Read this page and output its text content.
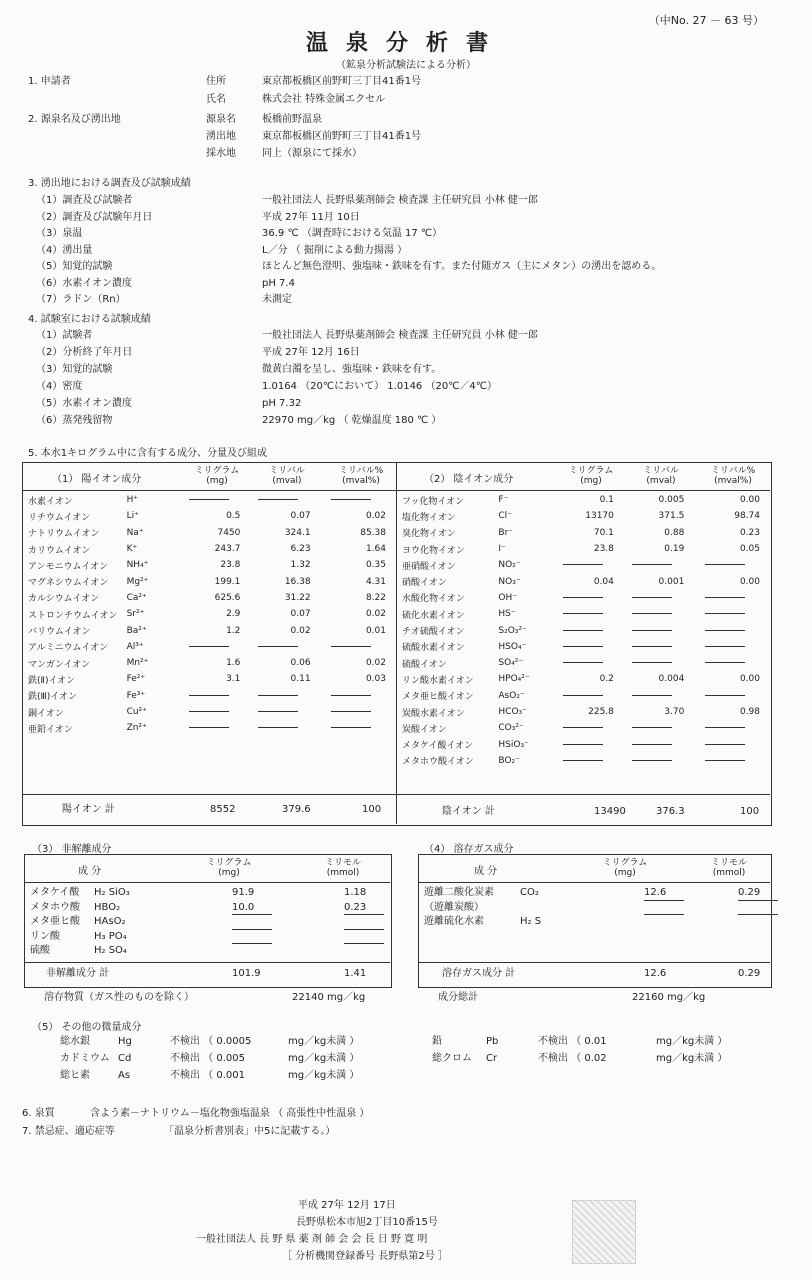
（中No. 27 － 63 号）
温泉分析書
（鉱泉分析試験法による分析）
1. 申請者	住所	東京都板橋区前野町三丁目41番1号
氏名	株式会社 特殊金属エクセル
2. 源泉名及び湧出地	源泉名	板橋前野温泉
湧出地	東京都板橋区前野町三丁目41番1号
採水地	同上（源泉にて採水）
3. 湧出地における調査及び試験成績
（1）調査及び試験者	一般社団法人 長野県薬剤師会 検査課 主任研究員 小林 健一郎
（2）調査及び試験年月日	平成 27年 11月 10日
（3）泉温	36.9 ℃ （調査時における気温 17 ℃）
（4）湧出量	L／分 （ 掘削による動力揚湯 ）
（5）知覚的試験	ほとんど無色澄明、強塩味・鉄味を有す。また付随ガス（主にメタン）の湧出を認める。
（6）水素イオン濃度	pH 7.4
（7）ラドン（Rn）	未測定
4. 試験室における試験成績
（1）試験者	一般社団法人 長野県薬剤師会 検査課 主任研究員 小林 健一郎
（2）分析終了年月日	平成 27年 12月 16日
（3）知覚的試験	微黄白濁を呈し、強塩味・鉄味を有す。
（4）密度	1.0164 （20℃において） 1.0146 （20℃／4℃）
（5）水素イオン濃度	pH 7.32
（6）蒸発残留物	22970 mg／kg （ 乾燥温度 180 ℃ ）
5. 本水1キログラム中に含有する成分、分量及び組成
（1） 陽イオン成分
ミリグラム (mg)
ミリバル (mval)
ミリバル% (mval%)	（2） 陰イオン成分
ミリグラム (mg)
ミリバル (mval)
ミリバル% (mval%)
水素イオン	H⁺			
リチウムイオン	Li⁺	0.5	0.07	0.02
ナトリウムイオン	Na⁺	7450	324.1	85.38
カリウムイオン	K⁺	243.7	6.23	1.64
アンモニウムイオン	NH₄⁺	23.8	1.32	0.35
マグネシウムイオン	Mg²⁺	199.1	16.38	4.31
カルシウムイオン	Ca²⁺	625.6	31.22	8.22
ストロンチウムイオン	Sr²⁺	2.9	0.07	0.02
バリウムイオン	Ba²⁺	1.2	0.02	0.01
アルミニウムイオン	Al³⁺			
マンガンイオン	Mn²⁺	1.6	0.06	0.02
鉄(Ⅱ)イオン	Fe²⁺	3.1	0.11	0.03
鉄(Ⅲ)イオン	Fe³⁺			
銅イオン	Cu²⁺			
亜鉛イオン	Zn²⁺			
フッ化物イオン	F⁻	0.1	0.005	0.00
塩化物イオン	Cl⁻	13170	371.5	98.74
臭化物イオン	Br⁻	70.1	0.88	0.23
ヨウ化物イオン	I⁻	23.8	0.19	0.05
亜硝酸イオン	NO₂⁻			
硝酸イオン	NO₃⁻	0.04	0.001	0.00
水酸化物イオン	OH⁻			
硫化水素イオン	HS⁻			
チオ硫酸イオン	S₂O₃²⁻			
硫酸水素イオン	HSO₄⁻			
硫酸イオン	SO₄²⁻			
リン酸水素イオン	HPO₄²⁻	0.2	0.004	0.00
メタ亜ヒ酸イオン	AsO₂⁻			
炭酸水素イオン	HCO₃⁻	225.8	3.70	0.98
炭酸イオン	CO₃²⁻			
メタケイ酸イオン	HSiO₃⁻			
メタホウ酸イオン	BO₂⁻			
陽イオン 計	8552	379.6	100	陰イオン 計	13490	376.3	100
（3） 非解離成分
成 分
ミリグラム (mg)
ミリモル (mmol)
メタケイ酸 H₂ SiO₃	91.9	1.18
メタホウ酸 HBO₂	10.0	0.23
メタ亜ヒ酸 HAsO₂
リン酸	H₃ PO₄
硫酸	H₂ SO₄
非解離成分 計	101.9	1.41
（4） 溶存ガス成分
成 分
ミリグラム (mg)
ミリモル (mmol)
遊離二酸化炭素	CO₂	12.6	0.29
（遊離炭酸）
遊離硫化水素	H₂ S
溶存ガス成分 計	12.6	0.29
溶存物質（ガス性のものを除く）	22140 mg／kg	成分総計	22160 mg／kg
（5） その他の微量成分
総水銀	Hg	不検出 （ 0.0005	mg／kg未満 ）
カドミウム Cd	不検出 （ 0.005	mg／kg未満 ）
総ヒ素	As	不検出 （ 0.001	mg／kg未満 ）
鉛	Pb	不検出 （ 0.01	mg／kg未満 ）
総クロム Cr	不検出 （ 0.02	mg／kg未満 ）
6. 泉質	含よう素－ナトリウム－塩化物強塩温泉 （ 高張性中性温泉 ）
7. 禁忌症、適応症等	「温泉分析書別表」中5に記載する。）
平成 27年 12月 17日
長野県松本市旭2丁目10番15号
一般社団法人 長 野 県 薬 剤 師 会 会 長 日 野 寛 明
［ 分析機関登録番号 長野県第2号 ］
